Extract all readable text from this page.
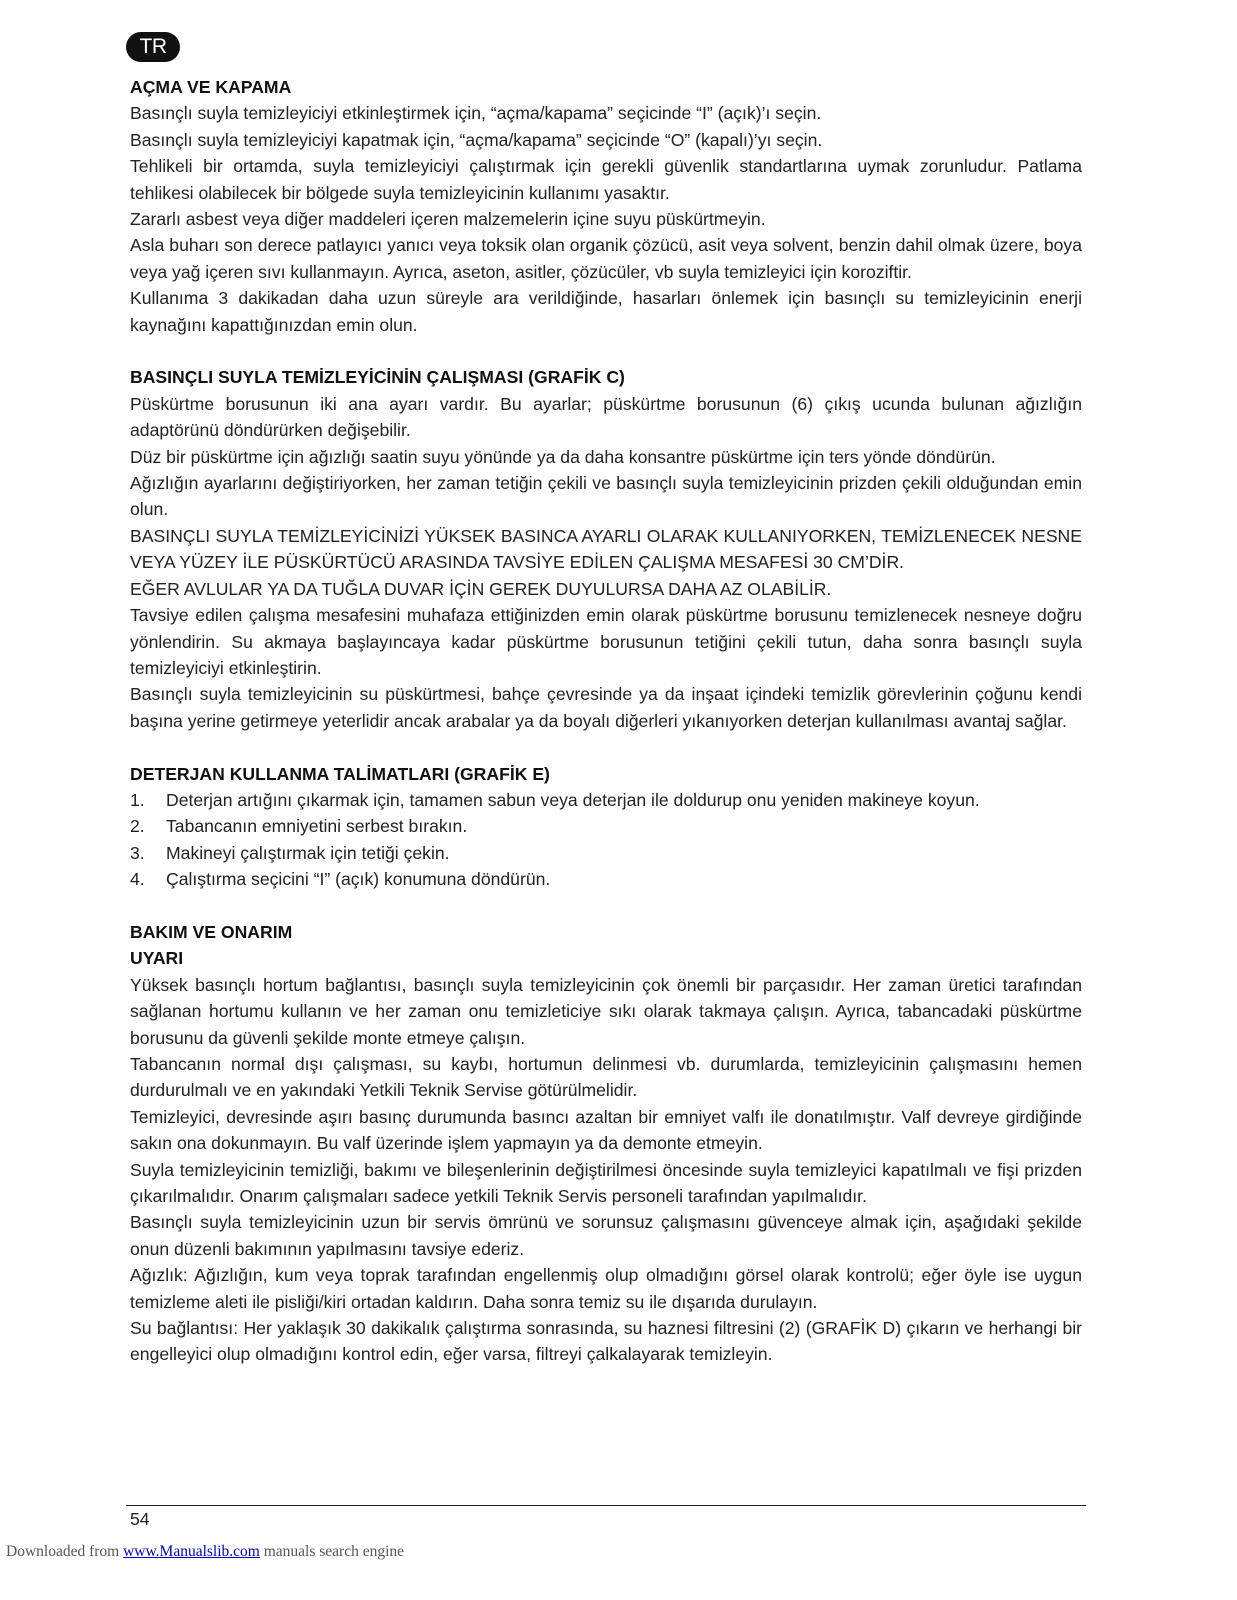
TR
AÇMA VE KAPAMA

Basınçlı suyla temizleyiciyi etkinleştirmek için, “açma/kapama” seçicinde “I” (açık)’ı seçin.

Basınçlı suyla temizleyiciyi kapatmak için, “açma/kapama” seçicinde “O” (kapalı)’yı seçin.

Tehlikeli bir ortamda, suyla temizleyiciyi çalıştırmak için gerekli güvenlik standartlarına uymak zorunludur. Patlama tehlikesi olabilecek bir bölgede suyla temizleyicinin kullanımı yasaktır.

Zararlı asbest veya diğer maddeleri içeren malzemelerin içine suyu püskürtmeyin.

Asla buharı son derece patlayıcı yanıcı veya toksik olan organik çözücü, asit veya solvent, benzin dahil olmak üzere, boya veya yağ içeren sıvı kullanmayın. Ayrıca, aseton, asitler, çözücüler, vb suyla temizleyici için koroziftir.

Kullanıma 3 dakikadan daha uzun süreyle ara verildiğinde, hasarları önlemek için basınçlı su temizleyicinin enerji kaynağını kapattığınızdan emin olun.

BASINÇLI SUYLA TEMİZLEYİCİNİN ÇALIŞMASI (GRAFİK C)

Püskürtme borusunun iki ana ayarı vardır. Bu ayarlar; püskürtme borusunun (6) çıkış ucunda bulunan ağızlığın adaptörünü döndürürken değişebilir.

Düz bir püskürtme için ağızlığı saatin suyu yönünde ya da daha konsantre püskürtme için ters yönde döndürün.

Ağızlığın ayarlarını değiştiriyorken, her zaman tetiğin çekili ve basınçlı suyla temizleyicinin prizden çekili olduğundan emin olun.

BASINÇLI SUYLA TEMİZLEYİCİNİZİ YÜKSEK BASINCA AYARLI OLARAK KULLANIYORKEN, TEMİZLENECEK NESNE VEYA YÜZEY İLE PÜSKÜRTÜCÜ ARASINDA TAVSİYE EDİLEN ÇALIŞMA MESAFESİ 30 CM’DİR.

EĞER AVLULAR YA DA TUĞLA DUVAR İÇİN GEREK DUYULURSA DAHA AZ OLABİLİR.

Tavsiye edilen çalışma mesafesini muhafaza ettiğinizden emin olarak püskürtme borusunu temizlenecek nesneye doğru yönlendirin. Su akmaya başlayıncaya kadar püskürtme borusunun tetiğini çekili tutun, daha sonra basınçlı suyla temizleyiciyi etkinleştirin.

Basınçlı suyla temizleyicinin su püskürtmesi, bahçe çevresinde ya da inşaat içindeki temizlik görevlerinin çoğunu kendi başına yerine getirmeye yeterlidir ancak arabalar ya da boyalı diğerleri yıkanıyorken deterjan kullanılması avantaj sağlar.

DETERJAN KULLANMA TALİMATLARI (GRAFİK E)
1.	Deterjan artığını çıkarmak için, tamamen sabun veya deterjan ile doldurup onu yeniden makineye koyun.
2.	Tabancanın emniyetini serbest bırakın.
3.	Makineyi çalıştırmak için tetiği çekin.
4.	Çalıştırma seçicini “I” (açık) konumuna döndürün.
BAKIM VE ONARIM
UYARI

Yüksek basınçlı hortum bağlantısı, basınçlı suyla temizleyicinin çok önemli bir parçasıdır. Her zaman üretici tarafından sağlanan hortumu kullanın ve her zaman onu temizleticiye sıkı olarak takmaya çalışın. Ayrıca, tabancadaki püskürtme borusunu da güvenli şekilde monte etmeye çalışın.

Tabancanın normal dışı çalışması, su kaybı, hortumun delinmesi vb. durumlarda, temizleyicinin çalışmasını hemen durdurulmalı ve en yakındaki Yetkili Teknik Servise götürülmelidir.

Temizleyici, devresinde aşırı basınç durumunda basıncı azaltan bir emniyet valfı ile donatılmıştır. Valf devreye girdiğinde sakın ona dokunmayın. Bu valf üzerinde işlem yapmayın ya da demonte etmeyin.

Suyla temizleyicinin temizliği, bakımı ve bileşenlerinin değiştirilmesi öncesinde suyla temizleyici kapatılmalı ve fişi prizden çıkarılmalıdır. Onarım çalışmaları sadece yetkili Teknik Servis personeli tarafından yapılmalıdır.

Basınçlı suyla temizleyicinin uzun bir servis ömrünü ve sorunsuz çalışmasını güvenceye almak için, aşağıdaki şekilde onun düzenli bakımının yapılmasını tavsiye ederiz.

Ağızlık: Ağızlığın, kum veya toprak tarafından engellenmiş olup olmadığını görsel olarak kontrolü; eğer öyle ise uygun temizleme aleti ile pisliği/kiri ortadan kaldırın. Daha sonra temiz su ile dışarıda durulayın.

Su bağlantısı: Her yaklaşık 30 dakikalık çalıştırma sonrasında, su haznesi filtresini (2) (GRAFİK D) çıkarın ve herhangi bir engelleyici olup olmadığını kontrol edin, eğer varsa, filtreyi çalkalayarak temizleyin.

54
Downloaded from www.Manualslib.com manuals search engine
